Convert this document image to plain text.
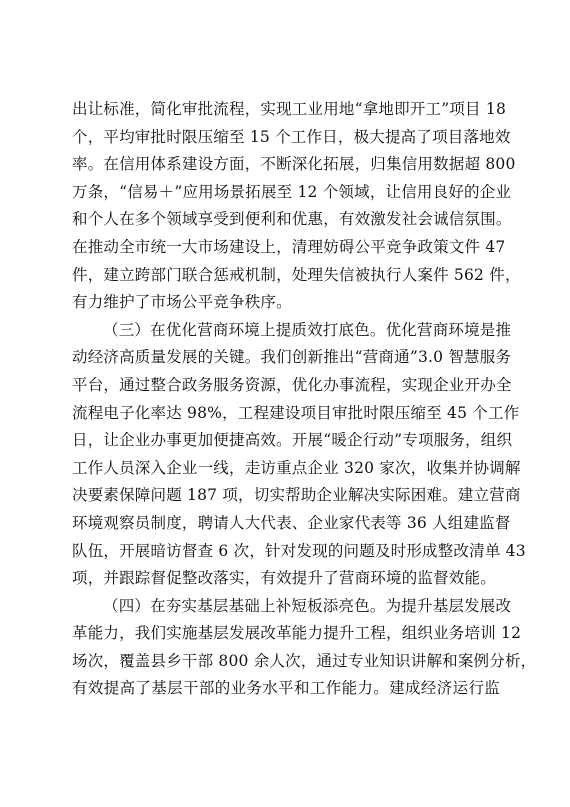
出让标准，简化审批流程，实现工业用地“拿地即开工”项目 18
个，平均审批时限压缩至 15 个工作日，极大提高了项目落地效
率。在信用体系建设方面，不断深化拓展，归集信用数据超 800
万条，“信易＋”应用场景拓展至 12 个领域，让信用良好的企业
和个人在多个领域享受到便利和优惠，有效激发社会诚信氛围。
在推动全市统一大市场建设上，清理妨碍公平竞争政策文件 47
件，建立跨部门联合惩戒机制，处理失信被执行人案件 562 件，
有力维护了市场公平竞争秩序。
（三）在优化营商环境上提质效打底色。优化营商环境是推
动经济高质量发展的关键。我们创新推出“营商通”3.0 智慧服务
平台，通过整合政务服务资源，优化办事流程，实现企业开办全
流程电子化率达 98%，工程建设项目审批时限压缩至 45 个工作
日，让企业办事更加便捷高效。开展“暖企行动”专项服务，组织
工作人员深入企业一线，走访重点企业 320 家次，收集并协调解
决要素保障问题 187 项，切实帮助企业解决实际困难。建立营商
环境观察员制度，聘请人大代表、企业家代表等 36 人组建监督
队伍，开展暗访督查 6 次，针对发现的问题及时形成整改清单 43
项，并跟踪督促整改落实，有效提升了营商环境的监督效能。
（四）在夯实基层基础上补短板添亮色。为提升基层发展改
革能力，我们实施基层发展改革能力提升工程，组织业务培训 12
场次，覆盖县乡干部 800 余人次，通过专业知识讲解和案例分析，
有效提高了基层干部的业务水平和工作能力。建成经济运行监
